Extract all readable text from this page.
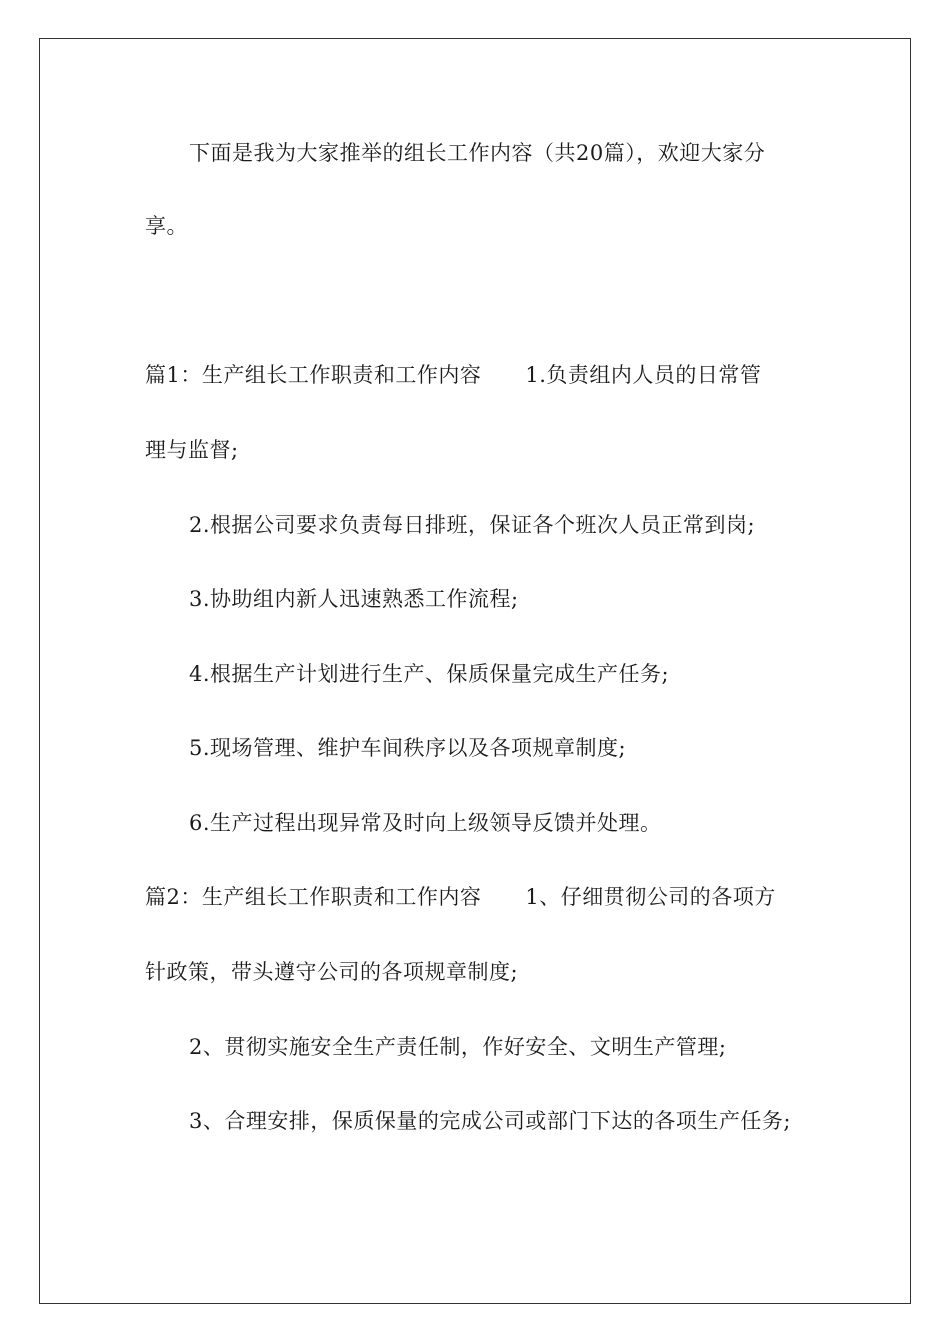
下面是我为大家推举的组长工作内容（共20篇），欢迎大家分
享。
篇1：生产组长工作职责和工作内容 1.负责组内人员的日常管
理与监督;
2.根据公司要求负责每日排班，保证各个班次人员正常到岗;
3.协助组内新人迅速熟悉工作流程;
4.根据生产计划进行生产、保质保量完成生产任务;
5.现场管理、维护车间秩序以及各项规章制度;
6.生产过程出现异常及时向上级领导反馈并处理。
篇2：生产组长工作职责和工作内容 1、仔细贯彻公司的各项方
针政策，带头遵守公司的各项规章制度;
2、贯彻实施安全生产责任制，作好安全、文明生产管理;
3、合理安排，保质保量的完成公司或部门下达的各项生产任务;
